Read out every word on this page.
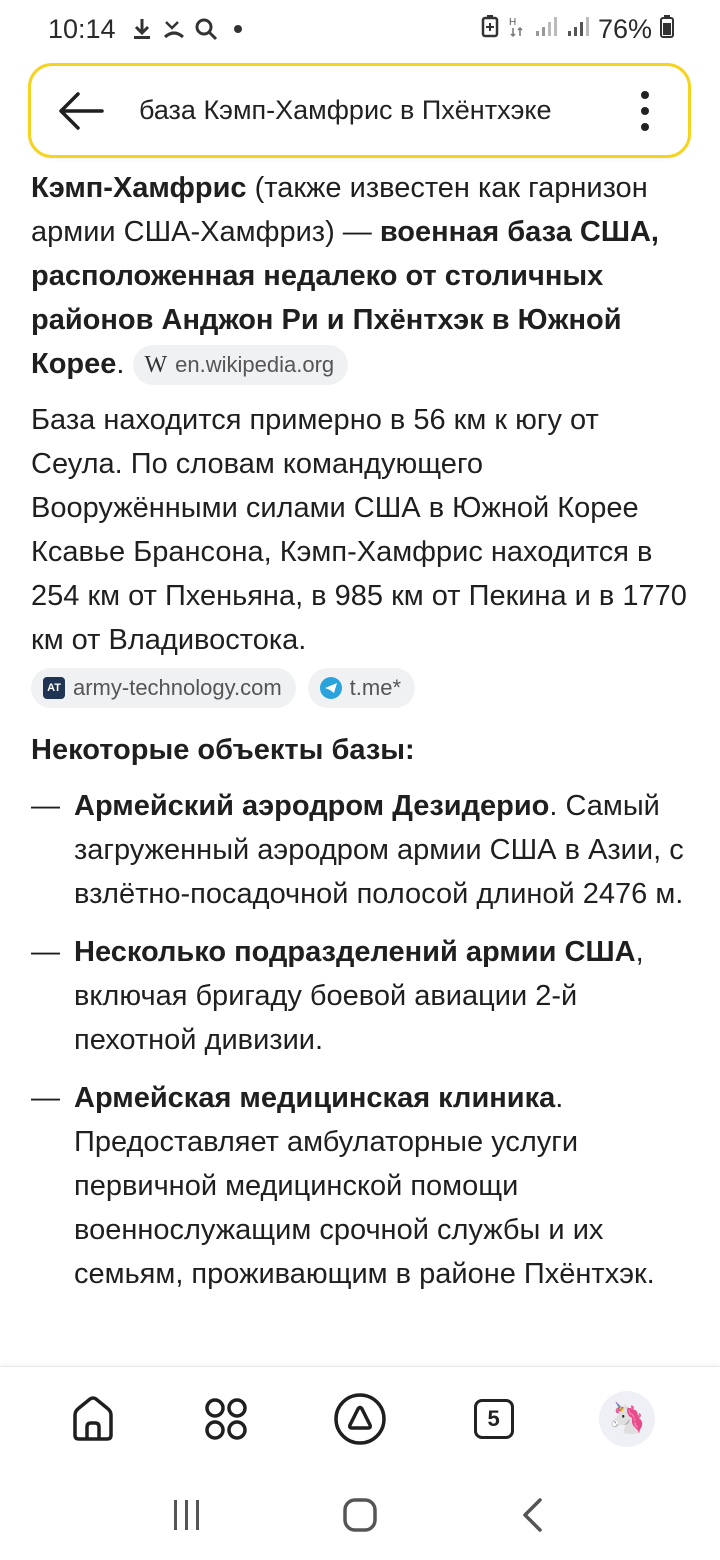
10:14	H	76%
база Кэмп-Хамфрис в Пхёнтхэке
Кэмп-Хамфрис (также известен как гарнизон армии США-Хамфриз) — военная база США, расположенная недалеко от столичных районов Анджон Ри и Пхёнтхэк в Южной Корее. W en.wikipedia.org
База находится примерно в 56 км к югу от Сеула. По словам командующего Вооружёнными силами США в Южной Корее Ксавье Брансона, Кэмп-Хамфрис находится в 254 км от Пхеньяна, в 985 км от Пекина и в 1770 км от Владивостока.
AT army-technology.com	t.me*
Некоторые объекты базы:
— Армейский аэродром Дезидерио. Самый загруженный аэродром армии США в Азии, с взлётно-посадочной полосой длиной 2476 м.
— Несколько подразделений армии США, включая бригаду боевой авиации 2-й пехотной дивизии.
— Армейская медицинская клиника. Предоставляет амбулаторные услуги первичной медицинской помощи военнослужащим срочной службы и их семьям, проживающим в районе Пхёнтхэк.
5	🦄
